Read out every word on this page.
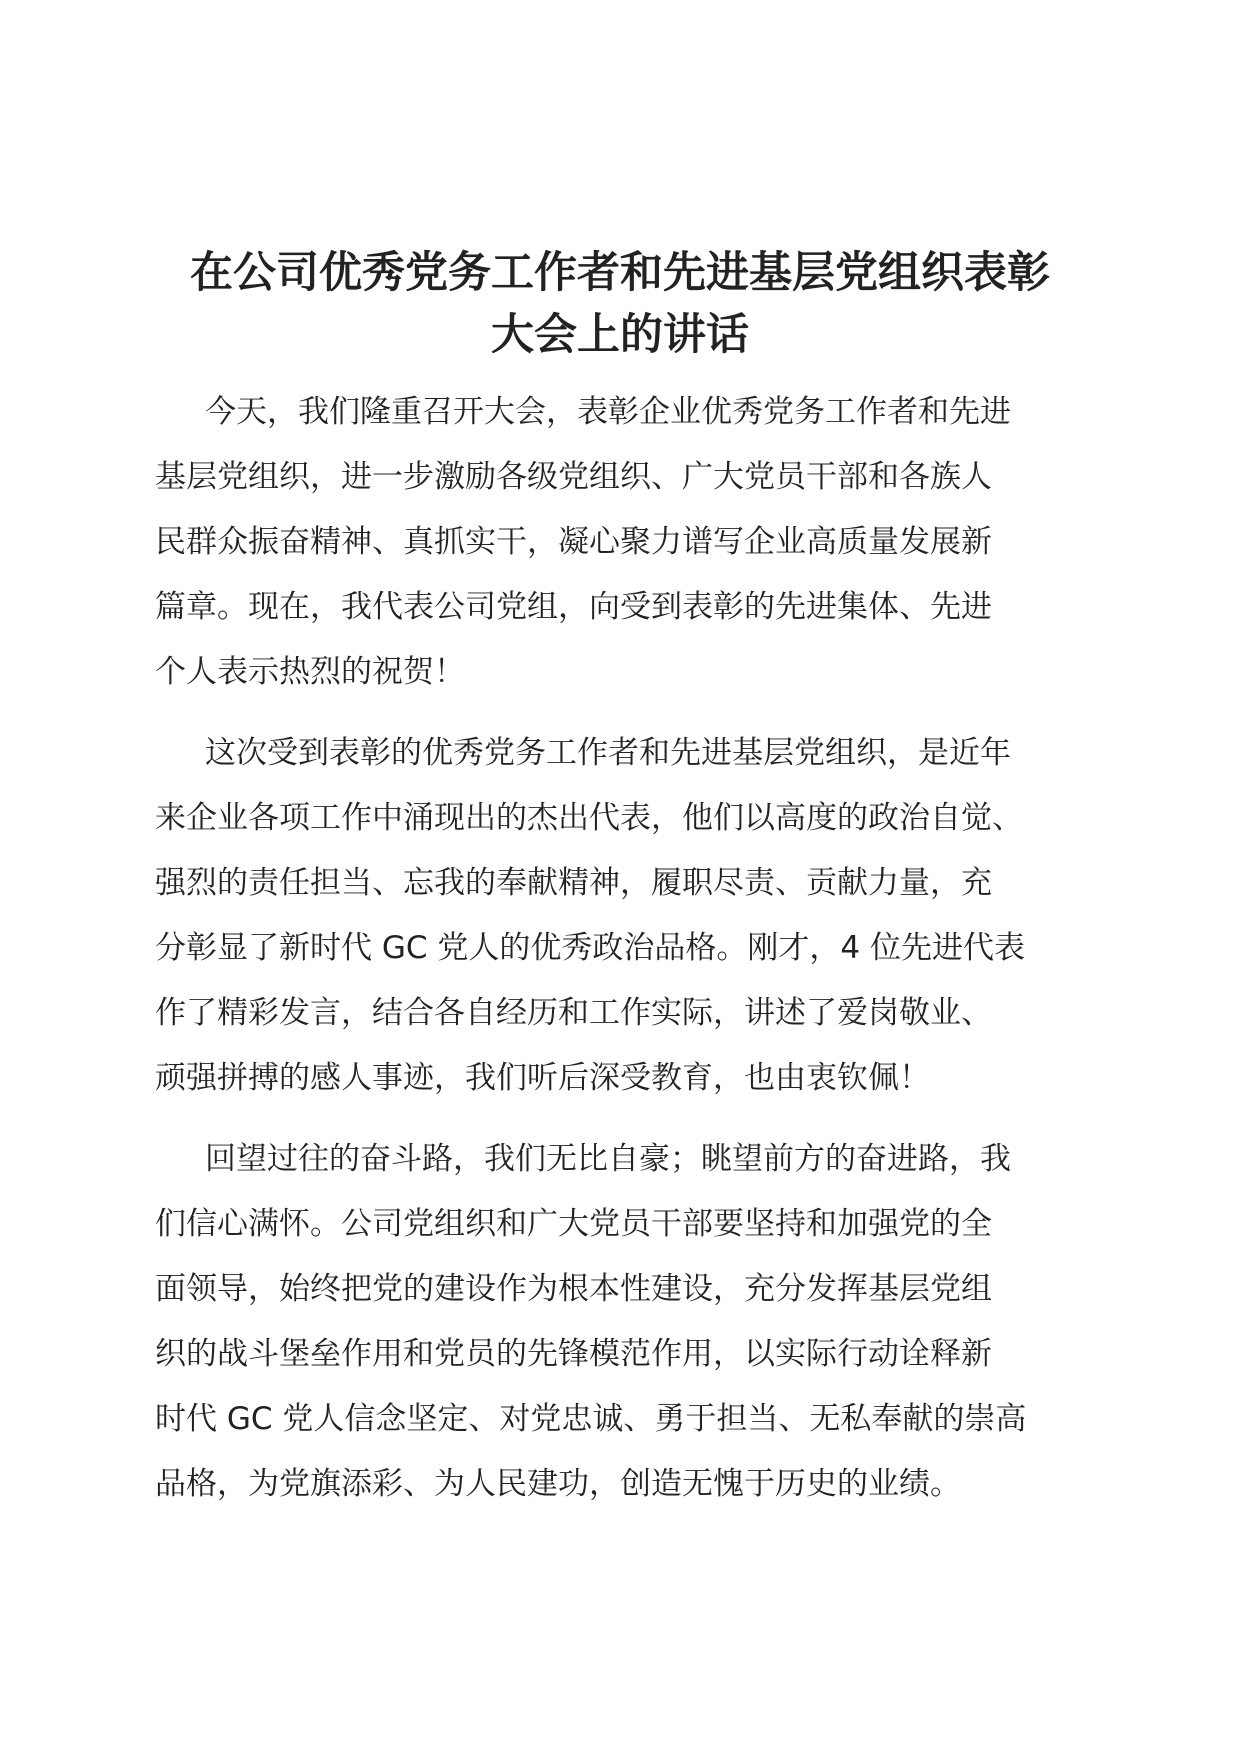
在公司优秀党务工作者和先进基层党组织表彰
大会上的讲话

今天，我们隆重召开大会，表彰企业优秀党务工作者和先进
基层党组织，进一步激励各级党组织、广大党员干部和各族人
民群众振奋精神、真抓实干，凝心聚力谱写企业高质量发展新
篇章。现在，我代表公司党组，向受到表彰的先进集体、先进
个人表示热烈的祝贺！

这次受到表彰的优秀党务工作者和先进基层党组织，是近年
来企业各项工作中涌现出的杰出代表，他们以高度的政治自觉、
强烈的责任担当、忘我的奉献精神，履职尽责、贡献力量，充
分彰显了新时代 GC 党人的优秀政治品格。刚才，4 位先进代表
作了精彩发言，结合各自经历和工作实际，讲述了爱岗敬业、
顽强拼搏的感人事迹，我们听后深受教育，也由衷钦佩！

回望过往的奋斗路，我们无比自豪；眺望前方的奋进路，我
们信心满怀。公司党组织和广大党员干部要坚持和加强党的全
面领导，始终把党的建设作为根本性建设，充分发挥基层党组
织的战斗堡垒作用和党员的先锋模范作用，以实际行动诠释新
时代 GC 党人信念坚定、对党忠诚、勇于担当、无私奉献的崇高
品格，为党旗添彩、为人民建功，创造无愧于历史的业绩。
